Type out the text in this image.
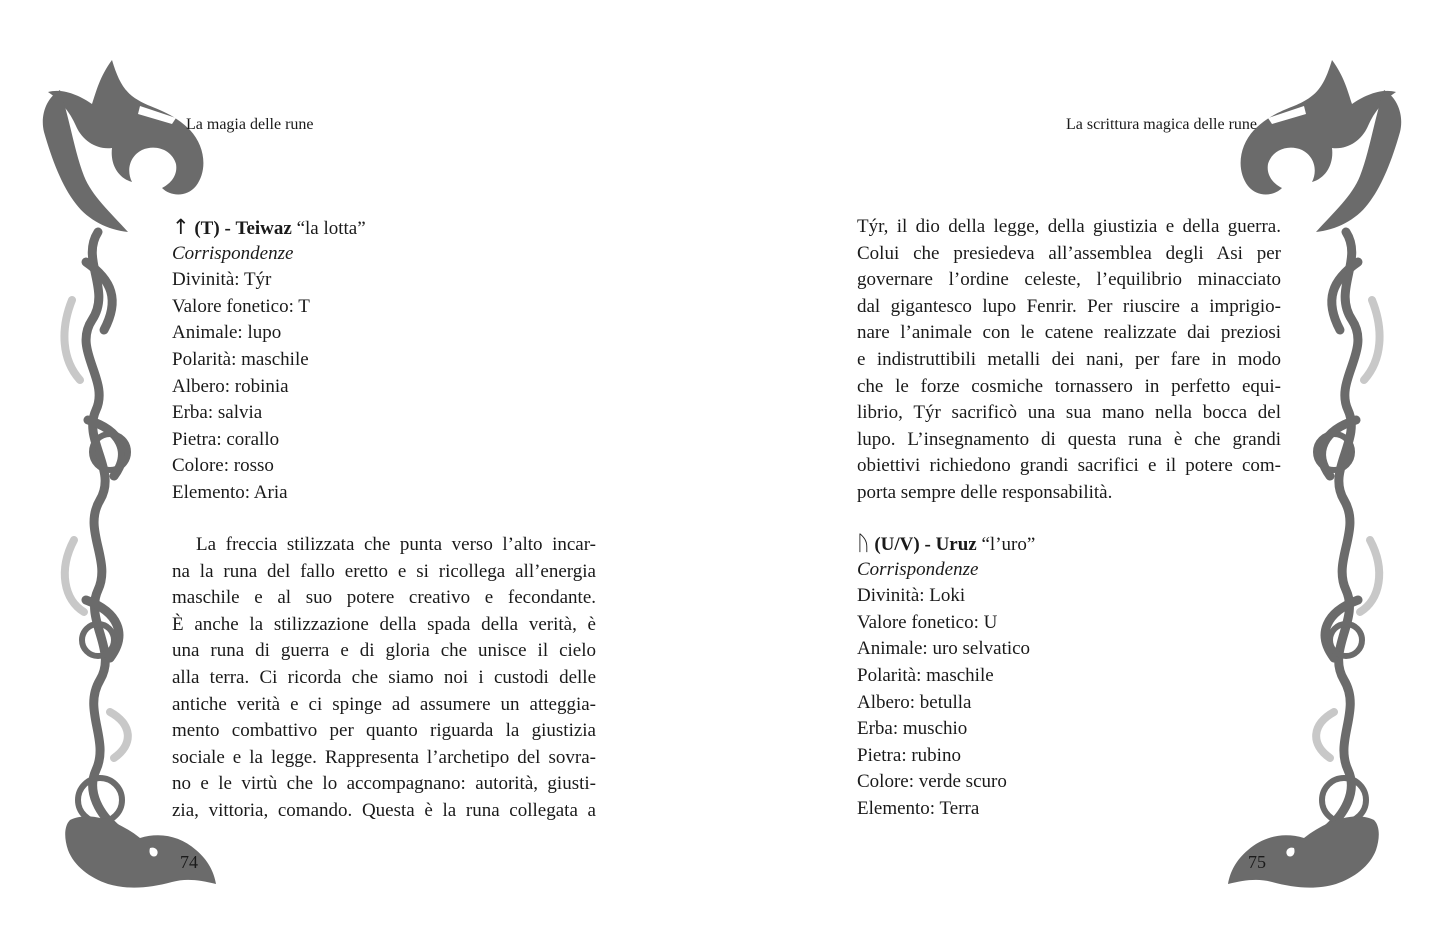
La magia delle rune
↑ (T) - Teiwaz “la lotta”
Corrispondenze
Divinità: Týr
Valore fonetico: T
Animale: lupo
Polarità: maschile
Albero: robinia
Erba: salvia
Pietra: corallo
Colore: rosso
Elemento: Aria
La freccia stilizzata che punta verso l’alto incar-
na la runa del fallo eretto e si ricollega all’energia
maschile e al suo potere creativo e fecondante.
È anche la stilizzazione della spada della verità, è
una runa di guerra e di gloria che unisce il cielo
alla terra. Ci ricorda che siamo noi i custodi delle
antiche verità e ci spinge ad assumere un atteggia-
mento combattivo per quanto riguarda la giustizia
sociale e la legge. Rappresenta l’archetipo del sovra-
no e le virtù che lo accompagnano: autorità, giusti-
zia, vittoria, comando. Questa è la runa collegata a
74
La scrittura magica delle rune
Týr, il dio della legge, della giustizia e della guerra.
Colui che presiedeva all’assemblea degli Asi per
governare l’ordine celeste, l’equilibrio minacciato
dal gigantesco lupo Fenrir. Per riuscire a imprigio-
nare l’animale con le catene realizzate dai preziosi
e indistruttibili metalli dei nani, per fare in modo
che le forze cosmiche tornassero in perfetto equi-
librio, Týr sacrificò una sua mano nella bocca del
lupo. L’insegnamento di questa runa è che grandi
obiettivi richiedono grandi sacrifici e il potere com-
porta sempre delle responsabilità.
ᚢ (U/V) - Uruz “l’uro”
Corrispondenze
Divinità: Loki
Valore fonetico: U
Animale: uro selvatico
Polarità: maschile
Albero: betulla
Erba: muschio
Pietra: rubino
Colore: verde scuro
Elemento: Terra
75
